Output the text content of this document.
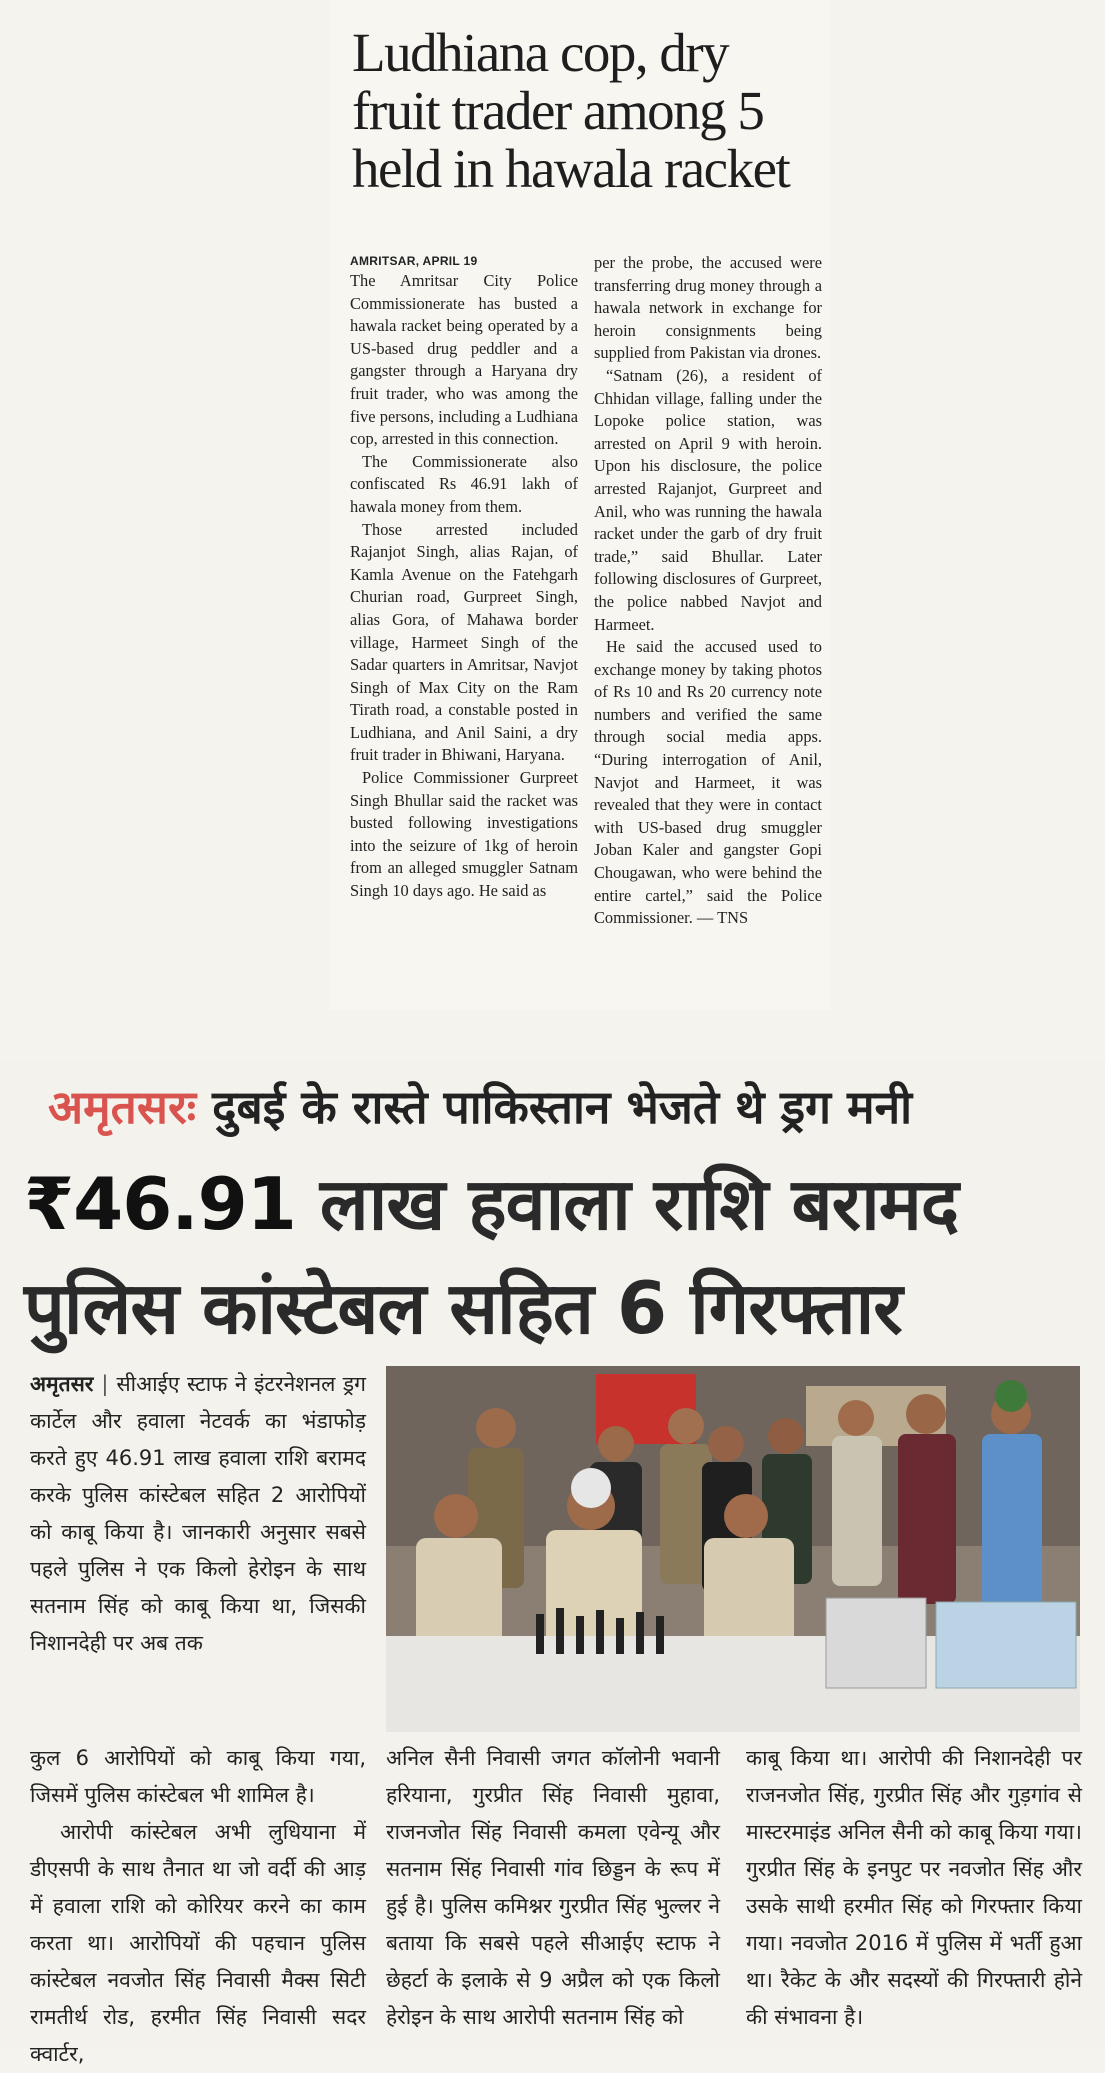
Ludhiana cop, dry fruit trader among 5 held in hawala racket
AMRITSAR, APRIL 19

The Amritsar City Police Commissionerate has busted a hawala racket being operated by a US-based drug peddler and a gangster through a Haryana dry fruit trader, who was among the five persons, including a Ludhiana cop, arrested in this connection.

The Commissionerate also confiscated Rs 46.91 lakh of hawala money from them.

Those arrested included Rajanjot Singh, alias Rajan, of Kamla Avenue on the Fatehgarh Churian road, Gurpreet Singh, alias Gora, of Mahawa border village, Harmeet Singh of the Sadar quarters in Amritsar, Navjot Singh of Max City on the Ram Tirath road, a constable posted in Ludhiana, and Anil Saini, a dry fruit trader in Bhiwani, Haryana.

Police Commissioner Gurpreet Singh Bhullar said the racket was busted following investigations into the seizure of 1kg of heroin from an alleged smuggler Satnam Singh 10 days ago. He said as

per the probe, the accused were transferring drug money through a hawala network in exchange for heroin consignments being supplied from Pakistan via drones.

“Satnam (26), a resident of Chhidan village, falling under the Lopoke police station, was arrested on April 9 with heroin. Upon his disclosure, the police arrested Rajanjot, Gurpreet and Anil, who was running the hawala racket under the garb of dry fruit trade,” said Bhullar. Later following disclosures of Gurpreet, the police nabbed Navjot and Harmeet.

He said the accused used to exchange money by taking photos of Rs 10 and Rs 20 currency note numbers and verified the same through social media apps. “During interrogation of Anil, Navjot and Harmeet, it was revealed that they were in contact with US-based drug smuggler Joban Kaler and gangster Gopi Chougawan, who were behind the entire cartel,” said the Police Commissioner. — TNS

अमृतसरः दुबई के रास्ते पाकिस्तान भेजते थे ड्रग मनी
₹46.91 लाख हवाला राशि बरामद
पुलिस कांस्टेबल सहित 6 गिरफ्तार

अमृतसर | सीआईए स्टाफ ने इंटरनेशनल ड्रग कार्टेल और हवाला नेटवर्क का भंडाफोड़ करते हुए 46.91 लाख हवाला राशि बरामद करके पुलिस कांस्टेबल सहित 2 आरोपियों को काबू किया है। जानकारी अनुसार सबसे पहले पुलिस ने एक किलो हेरोइन के साथ सतनाम सिंह को काबू किया था, जिसकी निशानदेही पर अब तक

कुल 6 आरोपियों को काबू किया गया, जिसमें पुलिस कांस्टेबल भी शामिल है।

आरोपी कांस्टेबल अभी लुधियाना में डीएसपी के साथ तैनात था जो वर्दी की आड़ में हवाला राशि को कोरियर करने का काम करता था। आरोपियों की पहचान पुलिस कांस्टेबल नवजोत सिंह निवासी मैक्स सिटी रामतीर्थ रोड, हरमीत सिंह निवासी सदर क्वार्टर,

अनिल सैनी निवासी जगत कॉलोनी भवानी हरियाना, गुरप्रीत सिंह निवासी मुहावा, राजनजोत सिंह निवासी कमला एवेन्यू और सतनाम सिंह निवासी गांव छिड्डन के रूप में हुई है। पुलिस कमिश्नर गुरप्रीत सिंह भुल्लर ने बताया कि सबसे पहले सीआईए स्टाफ ने छेहर्टा के इलाके से 9 अप्रैल को एक किलो हेरोइन के साथ आरोपी सतनाम सिंह को

काबू किया था। आरोपी की निशानदेही पर राजनजोत सिंह, गुरप्रीत सिंह और गुड़गांव से मास्टरमाइंड अनिल सैनी को काबू किया गया। गुरप्रीत सिंह के इनपुट पर नवजोत सिंह और उसके साथी हरमीत सिंह को गिरफ्तार किया गया। नवजोत 2016 में पुलिस में भर्ती हुआ था। रैकेट के और सदस्यों की गिरफ्तारी होने की संभावना है।
